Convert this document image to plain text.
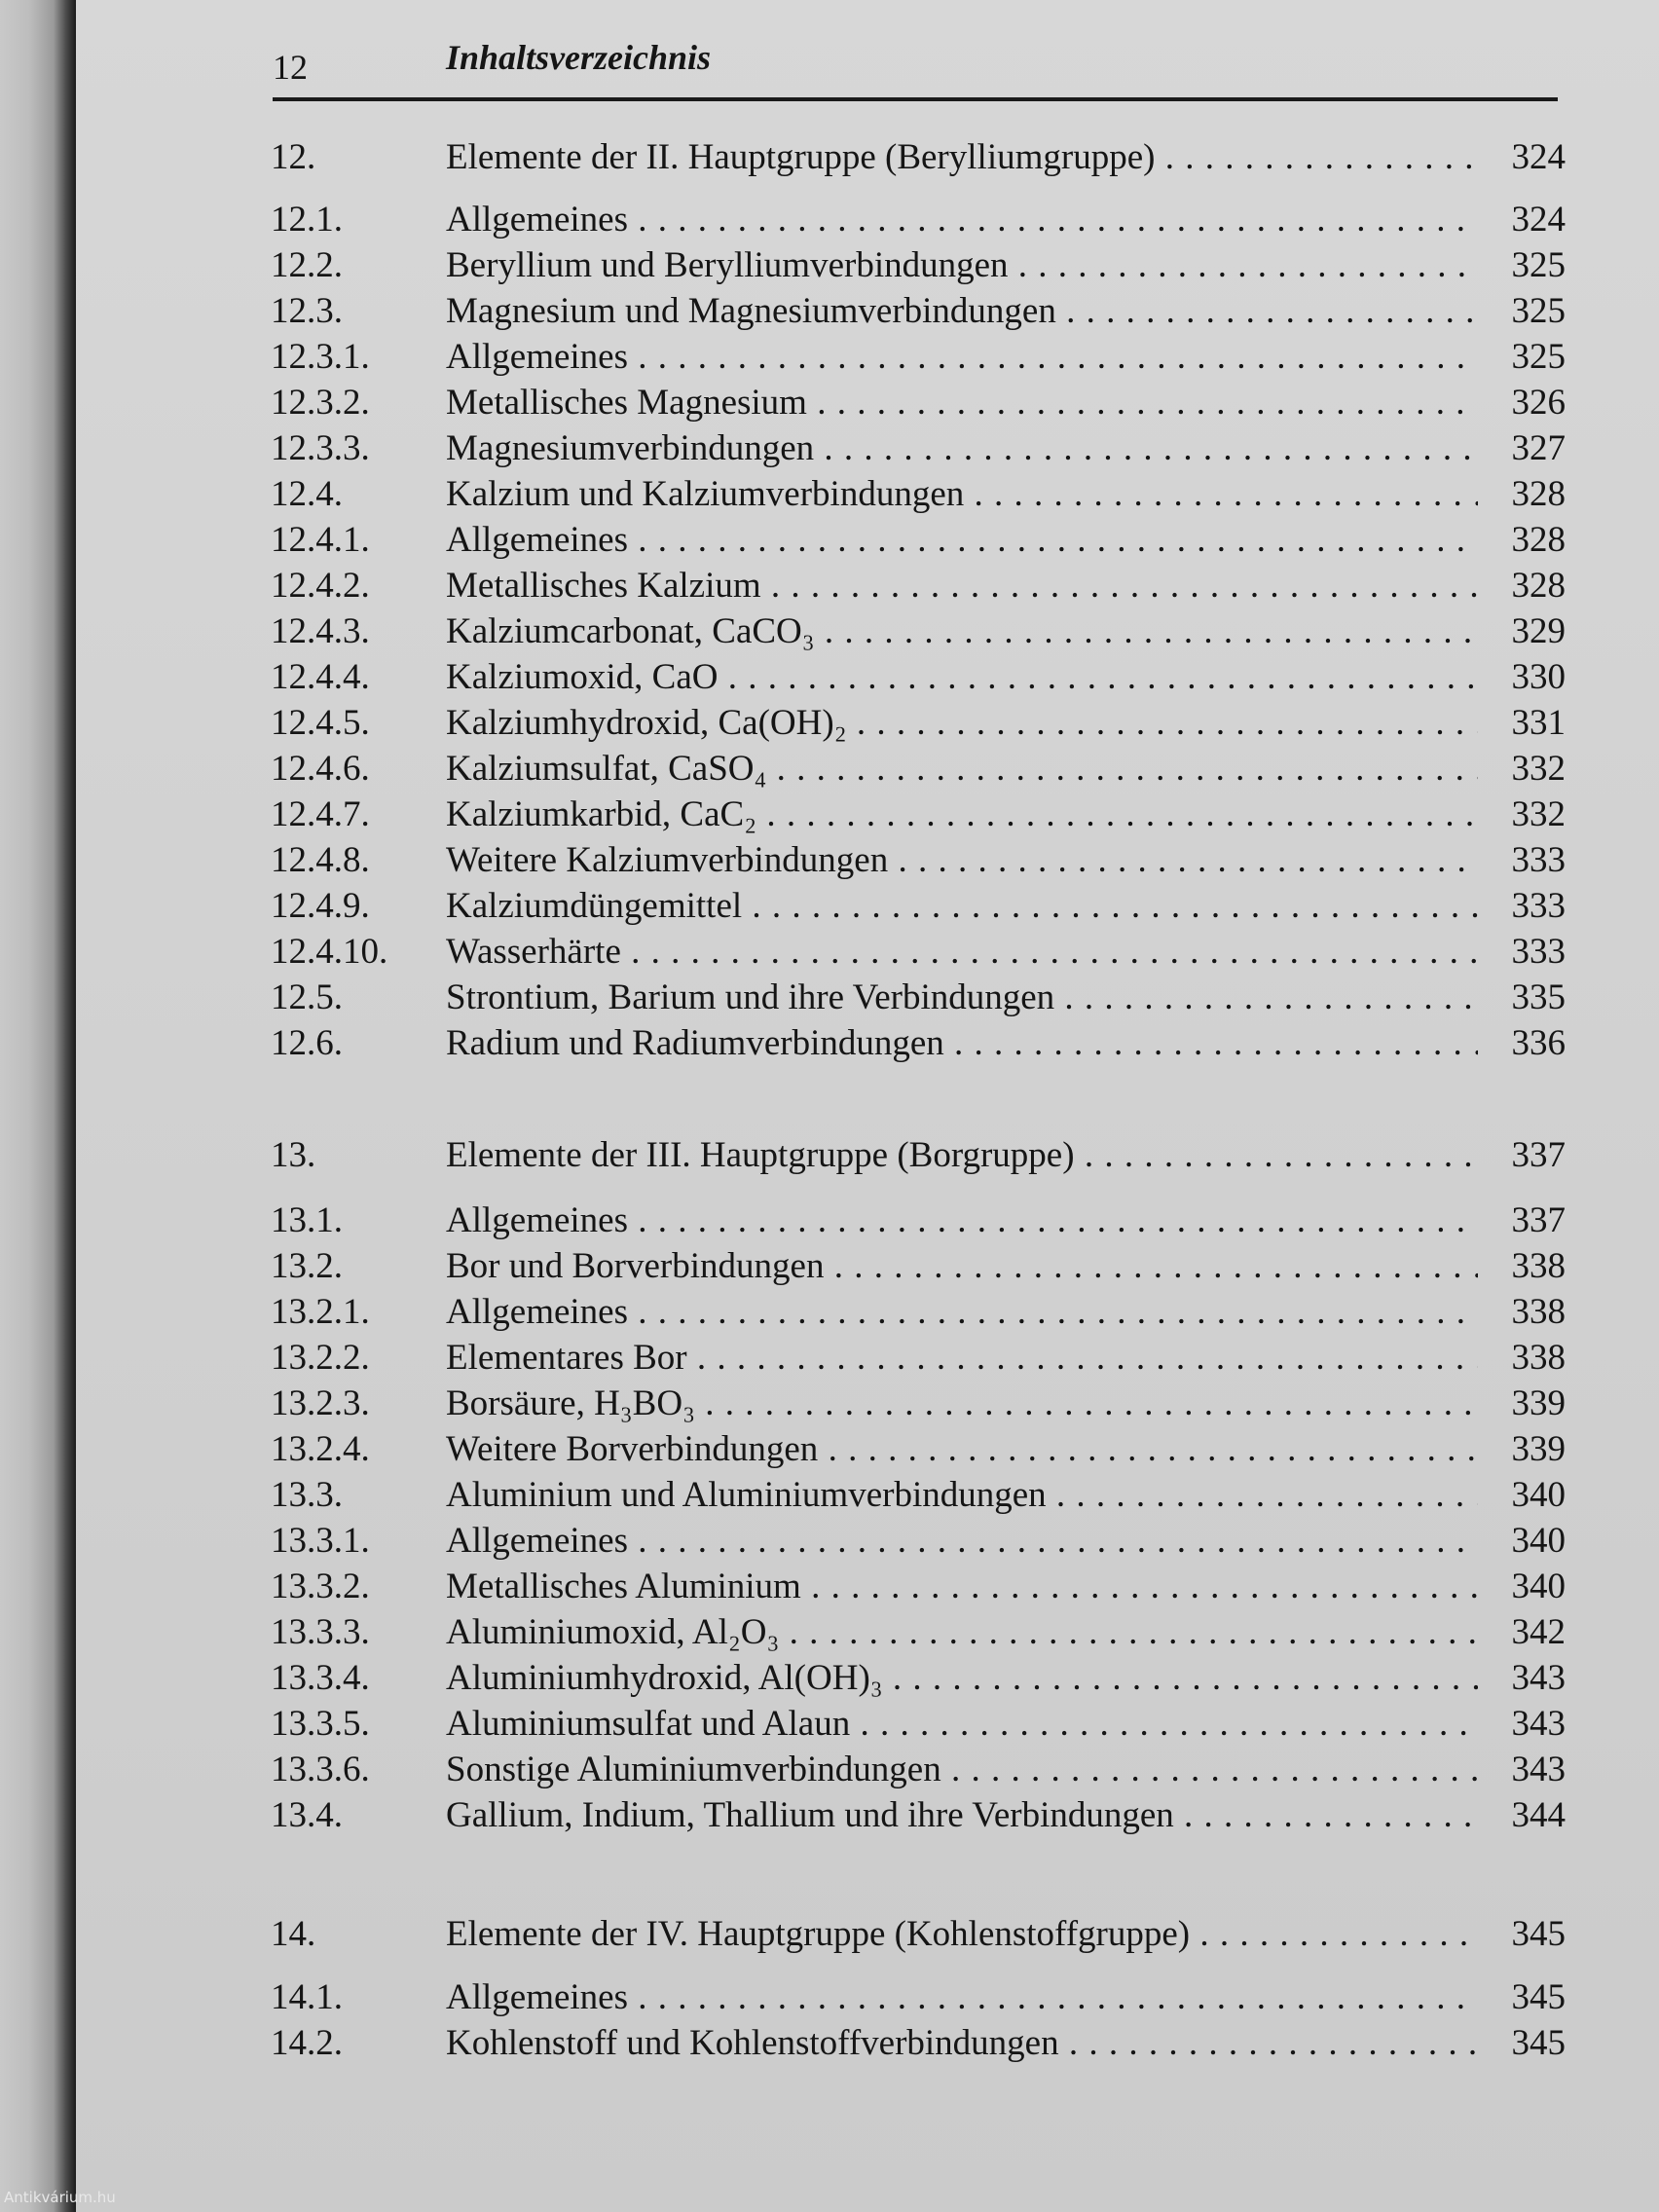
12	Inhaltsverzeichnis
12.	Elemente der II. Hauptgruppe (Berylliumgruppe) . . .	324
12.1.	Allgemeines . . .	324
12.2.	Beryllium und Berylliumverbindungen . . .	325
12.3.	Magnesium und Magnesiumverbindungen . . .	325
12.3.1.	Allgemeines . . .	325
12.3.2.	Metallisches Magnesium . . .	326
12.3.3.	Magnesiumverbindungen . . .	327
12.4.	Kalzium und Kalziumverbindungen . . .	328
12.4.1.	Allgemeines . . .	328
12.4.2.	Metallisches Kalzium . . .	328
12.4.3.	Kalziumcarbonat, CaCO₃ . . .	329
12.4.4.	Kalziumoxid, CaO . . .	330
12.4.5.	Kalziumhydroxid, Ca(OH)₂ . . .	331
12.4.6.	Kalziumsulfat, CaSO₄ . . .	332
12.4.7.	Kalziumkarbid, CaC₂ . . .	332
12.4.8.	Weitere Kalziumverbindungen . . .	333
12.4.9.	Kalziumdüngemittel . . .	333
12.4.10.	Wasserhärte . . .	333
12.5.	Strontium, Barium und ihre Verbindungen . . .	335
12.6.	Radium und Radiumverbindungen . . .	336
13.	Elemente der III. Hauptgruppe (Borgruppe) . . .	337
13.1.	Allgemeines . . .	337
13.2.	Bor und Borverbindungen . . .	338
13.2.1.	Allgemeines . . .	338
13.2.2.	Elementares Bor . . .	338
13.2.3.	Borsäure, H₃BO₃ . . .	339
13.2.4.	Weitere Borverbindungen . . .	339
13.3.	Aluminium und Aluminiumverbindungen . . .	340
13.3.1.	Allgemeines . . .	340
13.3.2.	Metallisches Aluminium . . .	340
13.3.3.	Aluminiumoxid, Al₂O₃ . . .	342
13.3.4.	Aluminiumhydroxid, Al(OH)₃ . . .	343
13.3.5.	Aluminiumsulfat und Alaun . . .	343
13.3.6.	Sonstige Aluminiumverbindungen . . .	343
13.4.	Gallium, Indium, Thallium und ihre Verbindungen . . .	344
14.	Elemente der IV. Hauptgruppe (Kohlenstoffgruppe) . . .	345
14.1.	Allgemeines . . .	345
14.2.	Kohlenstoff und Kohlenstoffverbindungen . . .	345
Antikvárium.hu
